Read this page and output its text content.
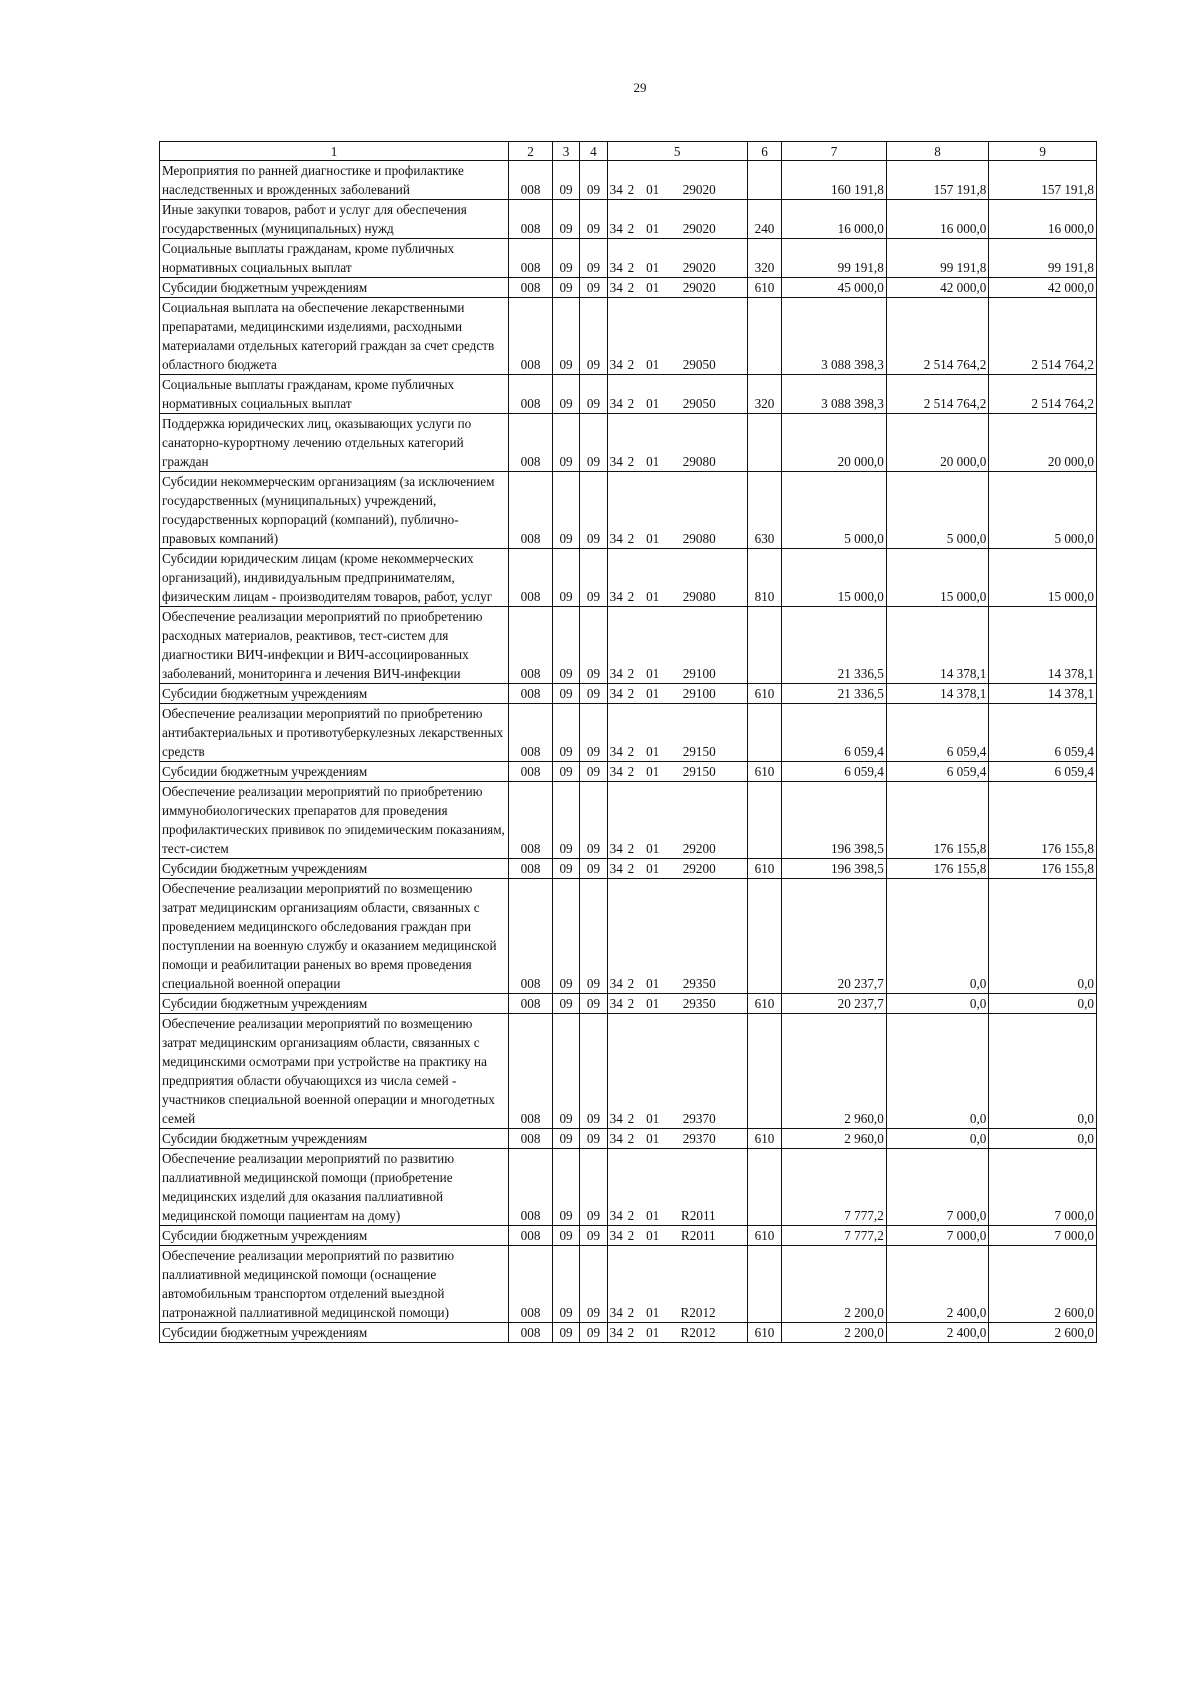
29
1	2	3	4	5	6	7	8	9
Мероприятия по ранней диагностике и профилактике наследственных и врожденных заболеваний	008	09	09	34 2 01 29020		160 191,8	157 191,8	157 191,8
Иные закупки товаров, работ и услуг для обеспечения государственных (муниципальных) нужд	008	09	09	34 2 01 29020	240	16 000,0	16 000,0	16 000,0
Социальные выплаты гражданам, кроме публичных нормативных социальных выплат	008	09	09	34 2 01 29020	320	99 191,8	99 191,8	99 191,8
Субсидии бюджетным учреждениям	008	09	09	34 2 01 29020	610	45 000,0	42 000,0	42 000,0
Социальная выплата на обеспечение лекарственными препаратами, медицинскими изделиями, расходными материалами отдельных категорий граждан за счет средств областного бюджета	008	09	09	34 2 01 29050		3 088 398,3	2 514 764,2	2 514 764,2
Социальные выплаты гражданам, кроме публичных нормативных социальных выплат	008	09	09	34 2 01 29050	320	3 088 398,3	2 514 764,2	2 514 764,2
Поддержка юридических лиц, оказывающих услуги по санаторно-курортному лечению отдельных категорий граждан	008	09	09	34 2 01 29080		20 000,0	20 000,0	20 000,0
Субсидии некоммерческим организациям (за исключением государственных (муниципальных) учреждений, государственных корпораций (компаний), публично-правовых компаний)	008	09	09	34 2 01 29080	630	5 000,0	5 000,0	5 000,0
Субсидии юридическим лицам (кроме некоммерческих организаций), индивидуальным предпринимателям, физическим лицам - производителям товаров, работ, услуг	008	09	09	34 2 01 29080	810	15 000,0	15 000,0	15 000,0
Обеспечение реализации мероприятий по приобретению расходных материалов, реактивов, тест-систем для диагностики ВИЧ-инфекции и ВИЧ-ассоциированных заболеваний, мониторинга и лечения ВИЧ-инфекции	008	09	09	34 2 01 29100		21 336,5	14 378,1	14 378,1
Субсидии бюджетным учреждениям	008	09	09	34 2 01 29100	610	21 336,5	14 378,1	14 378,1
Обеспечение реализации мероприятий по приобретению антибактериальных и противотуберкулезных лекарственных средств	008	09	09	34 2 01 29150		6 059,4	6 059,4	6 059,4
Субсидии бюджетным учреждениям	008	09	09	34 2 01 29150	610	6 059,4	6 059,4	6 059,4
Обеспечение реализации мероприятий по приобретению иммунобиологических препаратов для проведения профилактических прививок по эпидемическим показаниям, тест-систем	008	09	09	34 2 01 29200		196 398,5	176 155,8	176 155,8
Субсидии бюджетным учреждениям	008	09	09	34 2 01 29200	610	196 398,5	176 155,8	176 155,8
Обеспечение реализации мероприятий по возмещению затрат медицинским организациям области, связанных с проведением медицинского обследования граждан при поступлении на военную службу и оказанием медицинской помощи и реабилитации раненых во время проведения специальной военной операции	008	09	09	34 2 01 29350		20 237,7	0,0	0,0
Субсидии бюджетным учреждениям	008	09	09	34 2 01 29350	610	20 237,7	0,0	0,0
Обеспечение реализации мероприятий по возмещению затрат медицинским организациям области, связанных с медицинскими осмотрами при устройстве на практику на предприятия области обучающихся из числа семей - участников специальной военной операции и многодетных семей	008	09	09	34 2 01 29370		2 960,0	0,0	0,0
Субсидии бюджетным учреждениям	008	09	09	34 2 01 29370	610	2 960,0	0,0	0,0
Обеспечение реализации мероприятий по развитию паллиативной медицинской помощи (приобретение медицинских изделий для оказания паллиативной медицинской помощи пациентам на дому)	008	09	09	34 2 01 R2011		7 777,2	7 000,0	7 000,0
Субсидии бюджетным учреждениям	008	09	09	34 2 01 R2011	610	7 777,2	7 000,0	7 000,0
Обеспечение реализации мероприятий по развитию паллиативной медицинской помощи (оснащение автомобильным транспортом отделений выездной патронажной паллиативной медицинской помощи)	008	09	09	34 2 01 R2012		2 200,0	2 400,0	2 600,0
Субсидии бюджетным учреждениям	008	09	09	34 2 01 R2012	610	2 200,0	2 400,0	2 600,0
